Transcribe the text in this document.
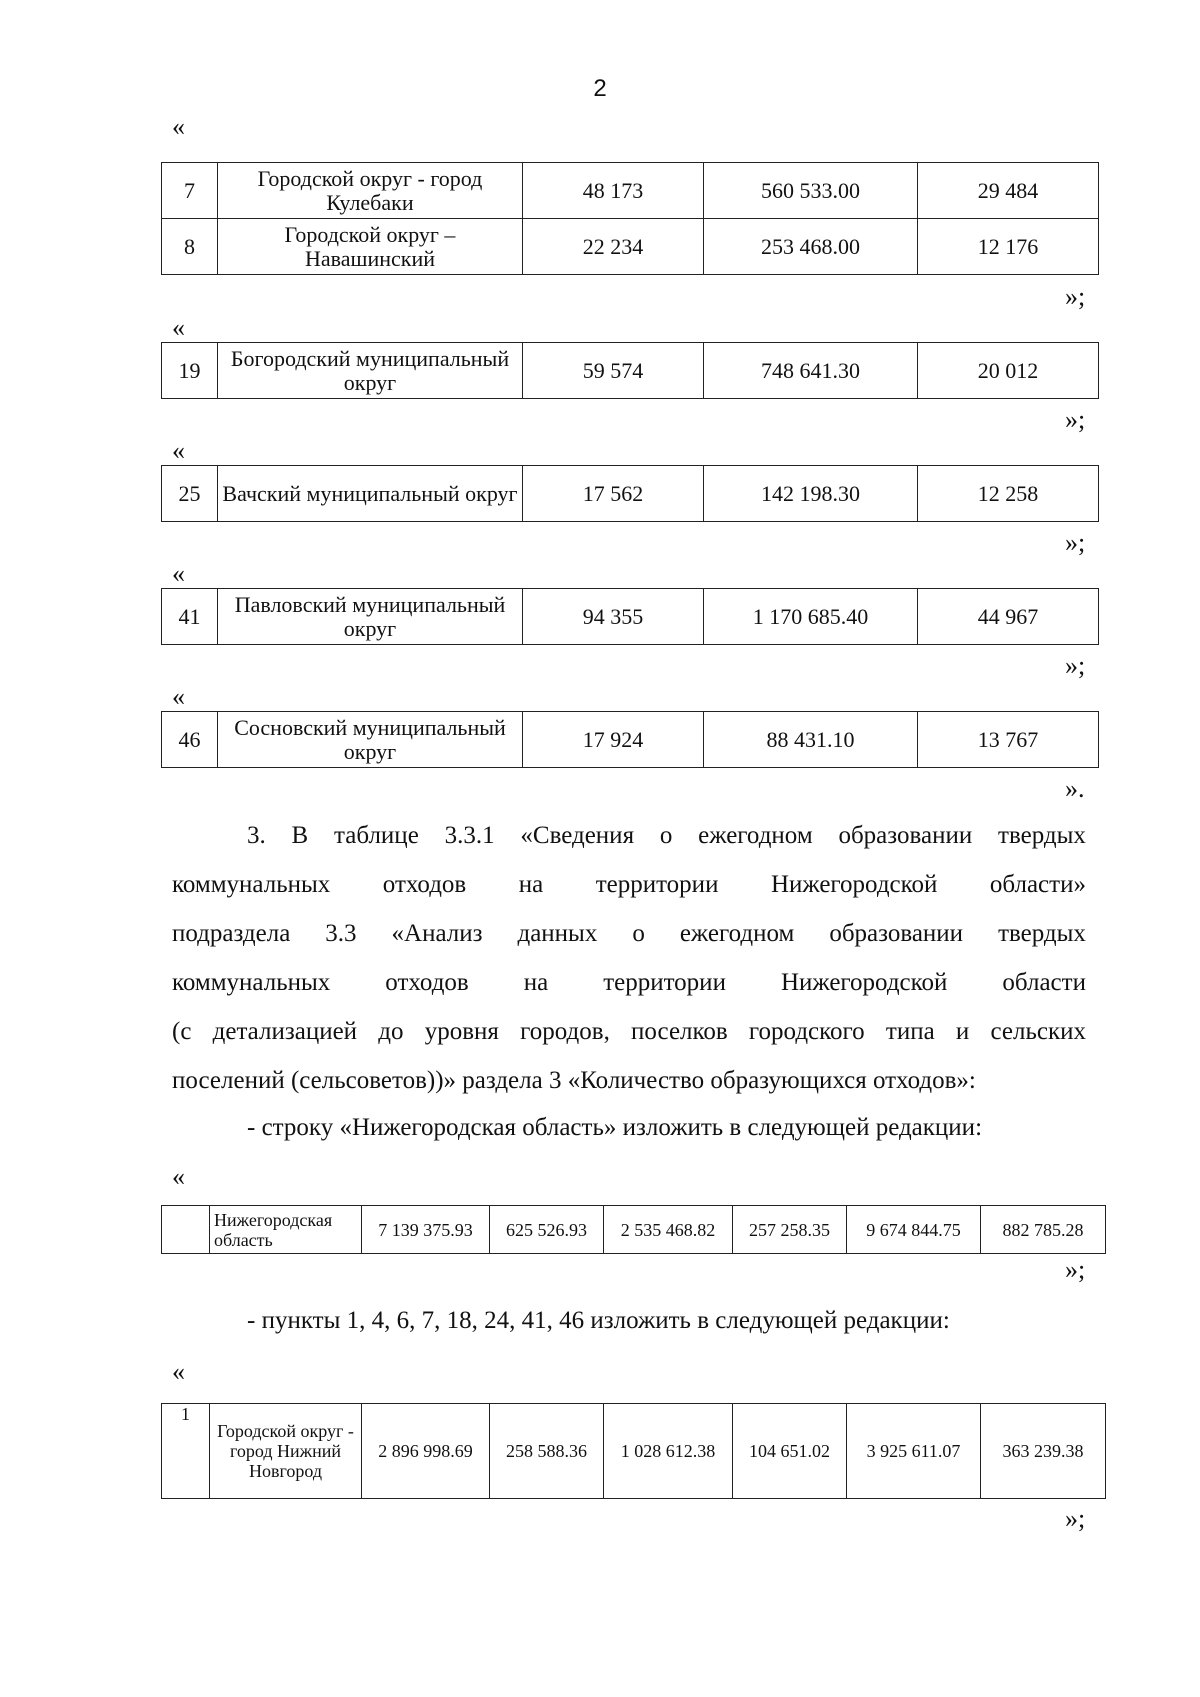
2
«
7	Городской округ - город Кулебаки	48 173	560 533.00	29 484
8	Городской округ – Навашинский	22 234	253 468.00	12 176
»;
«
19	Богородский муниципальный округ	59 574	748 641.30	20 012
»;
«
25	Вачский муниципальный округ	17 562	142 198.30	12 258
»;
«
41	Павловский муниципальный округ	94 355	1 170 685.40	44 967
»;
«
46	Сосновский муниципальный округ	17 924	88 431.10	13 767
».
3. В таблице 3.3.1 «Сведения о ежегодном образовании твердых
коммунальных отходов на территории Нижегородской области»
подраздела 3.3 «Анализ данных о ежегодном образовании твердых
коммунальных отходов на территории Нижегородской области
(с детализацией до уровня городов, поселков городского типа и сельских
поселений (сельсоветов))» раздела 3 «Количество образующихся отходов»:
- строку «Нижегородская область» изложить в следующей редакции:
«
	Нижегородская область	7 139 375.93	625 526.93	2 535 468.82	257 258.35	9 674 844.75	882 785.28
»;
- пункты 1, 4, 6, 7, 18, 24, 41, 46 изложить в следующей редакции:
«
1	Городской округ - город Нижний Новгород	2 896 998.69	258 588.36	1 028 612.38	104 651.02	3 925 611.07	363 239.38
»;
